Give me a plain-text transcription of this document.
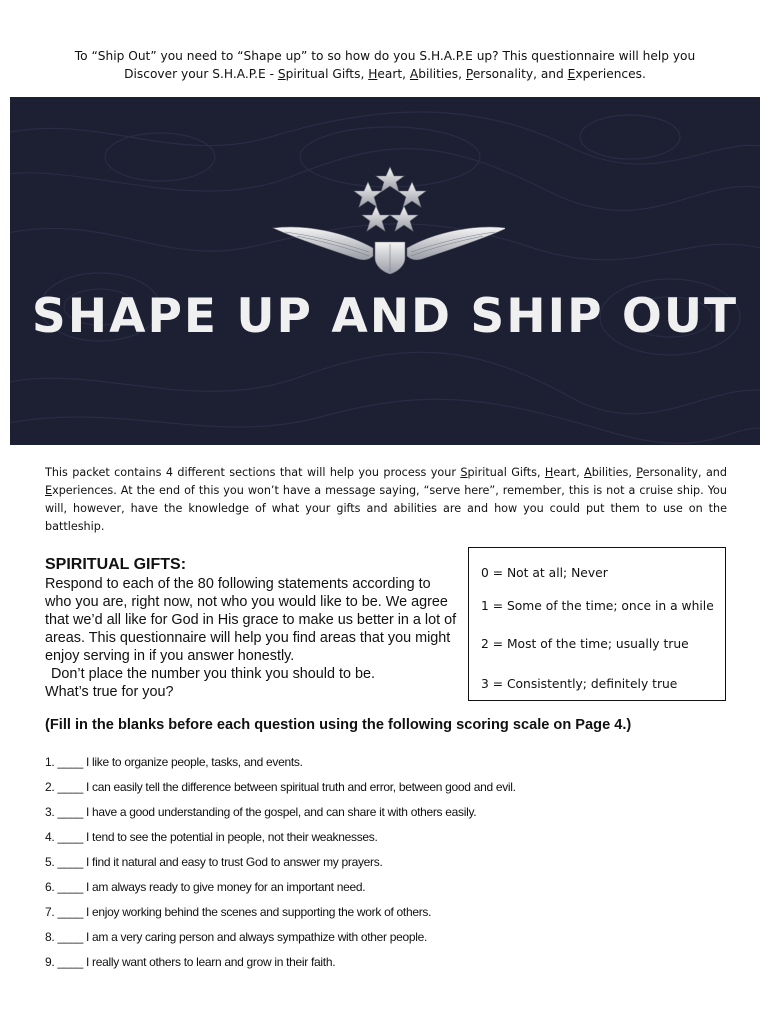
To “Ship Out” you need to “Shape up” to so how do you S.H.A.P.E up? This questionnaire will help you
Discover your S.H.A.P.E - Spiritual Gifts, Heart, Abilities, Personality, and Experiences.
SHAPE UP AND SHIP OUT
This packet contains 4 different sections that will help you process your Spiritual Gifts, Heart, Abilities, Personality, and Experiences. At the end of this you won’t have a message saying, “serve here”, remember, this is not a cruise ship. You will, however, have the knowledge of what your gifts and abilities are and how you could put them to use on the battleship.
SPIRITUAL GIFTS:

Respond to each of the 80 following statements according to who you are, right now, not who you would like to be. We agree that we’d all like for God in His grace to make us better in a lot of areas. This questionnaire will help you find areas that you might enjoy serving in if you answer honestly.

Don’t place the number you think you should to be.

What’s true for you?

0 = Not at all; Never
1 = Some of the time; once in a while
2 = Most of the time; usually true
3 = Consistently; definitely true
(Fill in the blanks before each question using the following scoring scale on Page 4.)
1. ____ I like to organize people, tasks, and events.
2. ____ I can easily tell the difference between spiritual truth and error, between good and evil.
3. ____ I have a good understanding of the gospel, and can share it with others easily.
4. ____ I tend to see the potential in people, not their weaknesses.
5. ____ I find it natural and easy to trust God to answer my prayers.
6. ____ I am always ready to give money for an important need.
7. ____ I enjoy working behind the scenes and supporting the work of others.
8. ____ I am a very caring person and always sympathize with other people.
9. ____ I really want others to learn and grow in their faith.
